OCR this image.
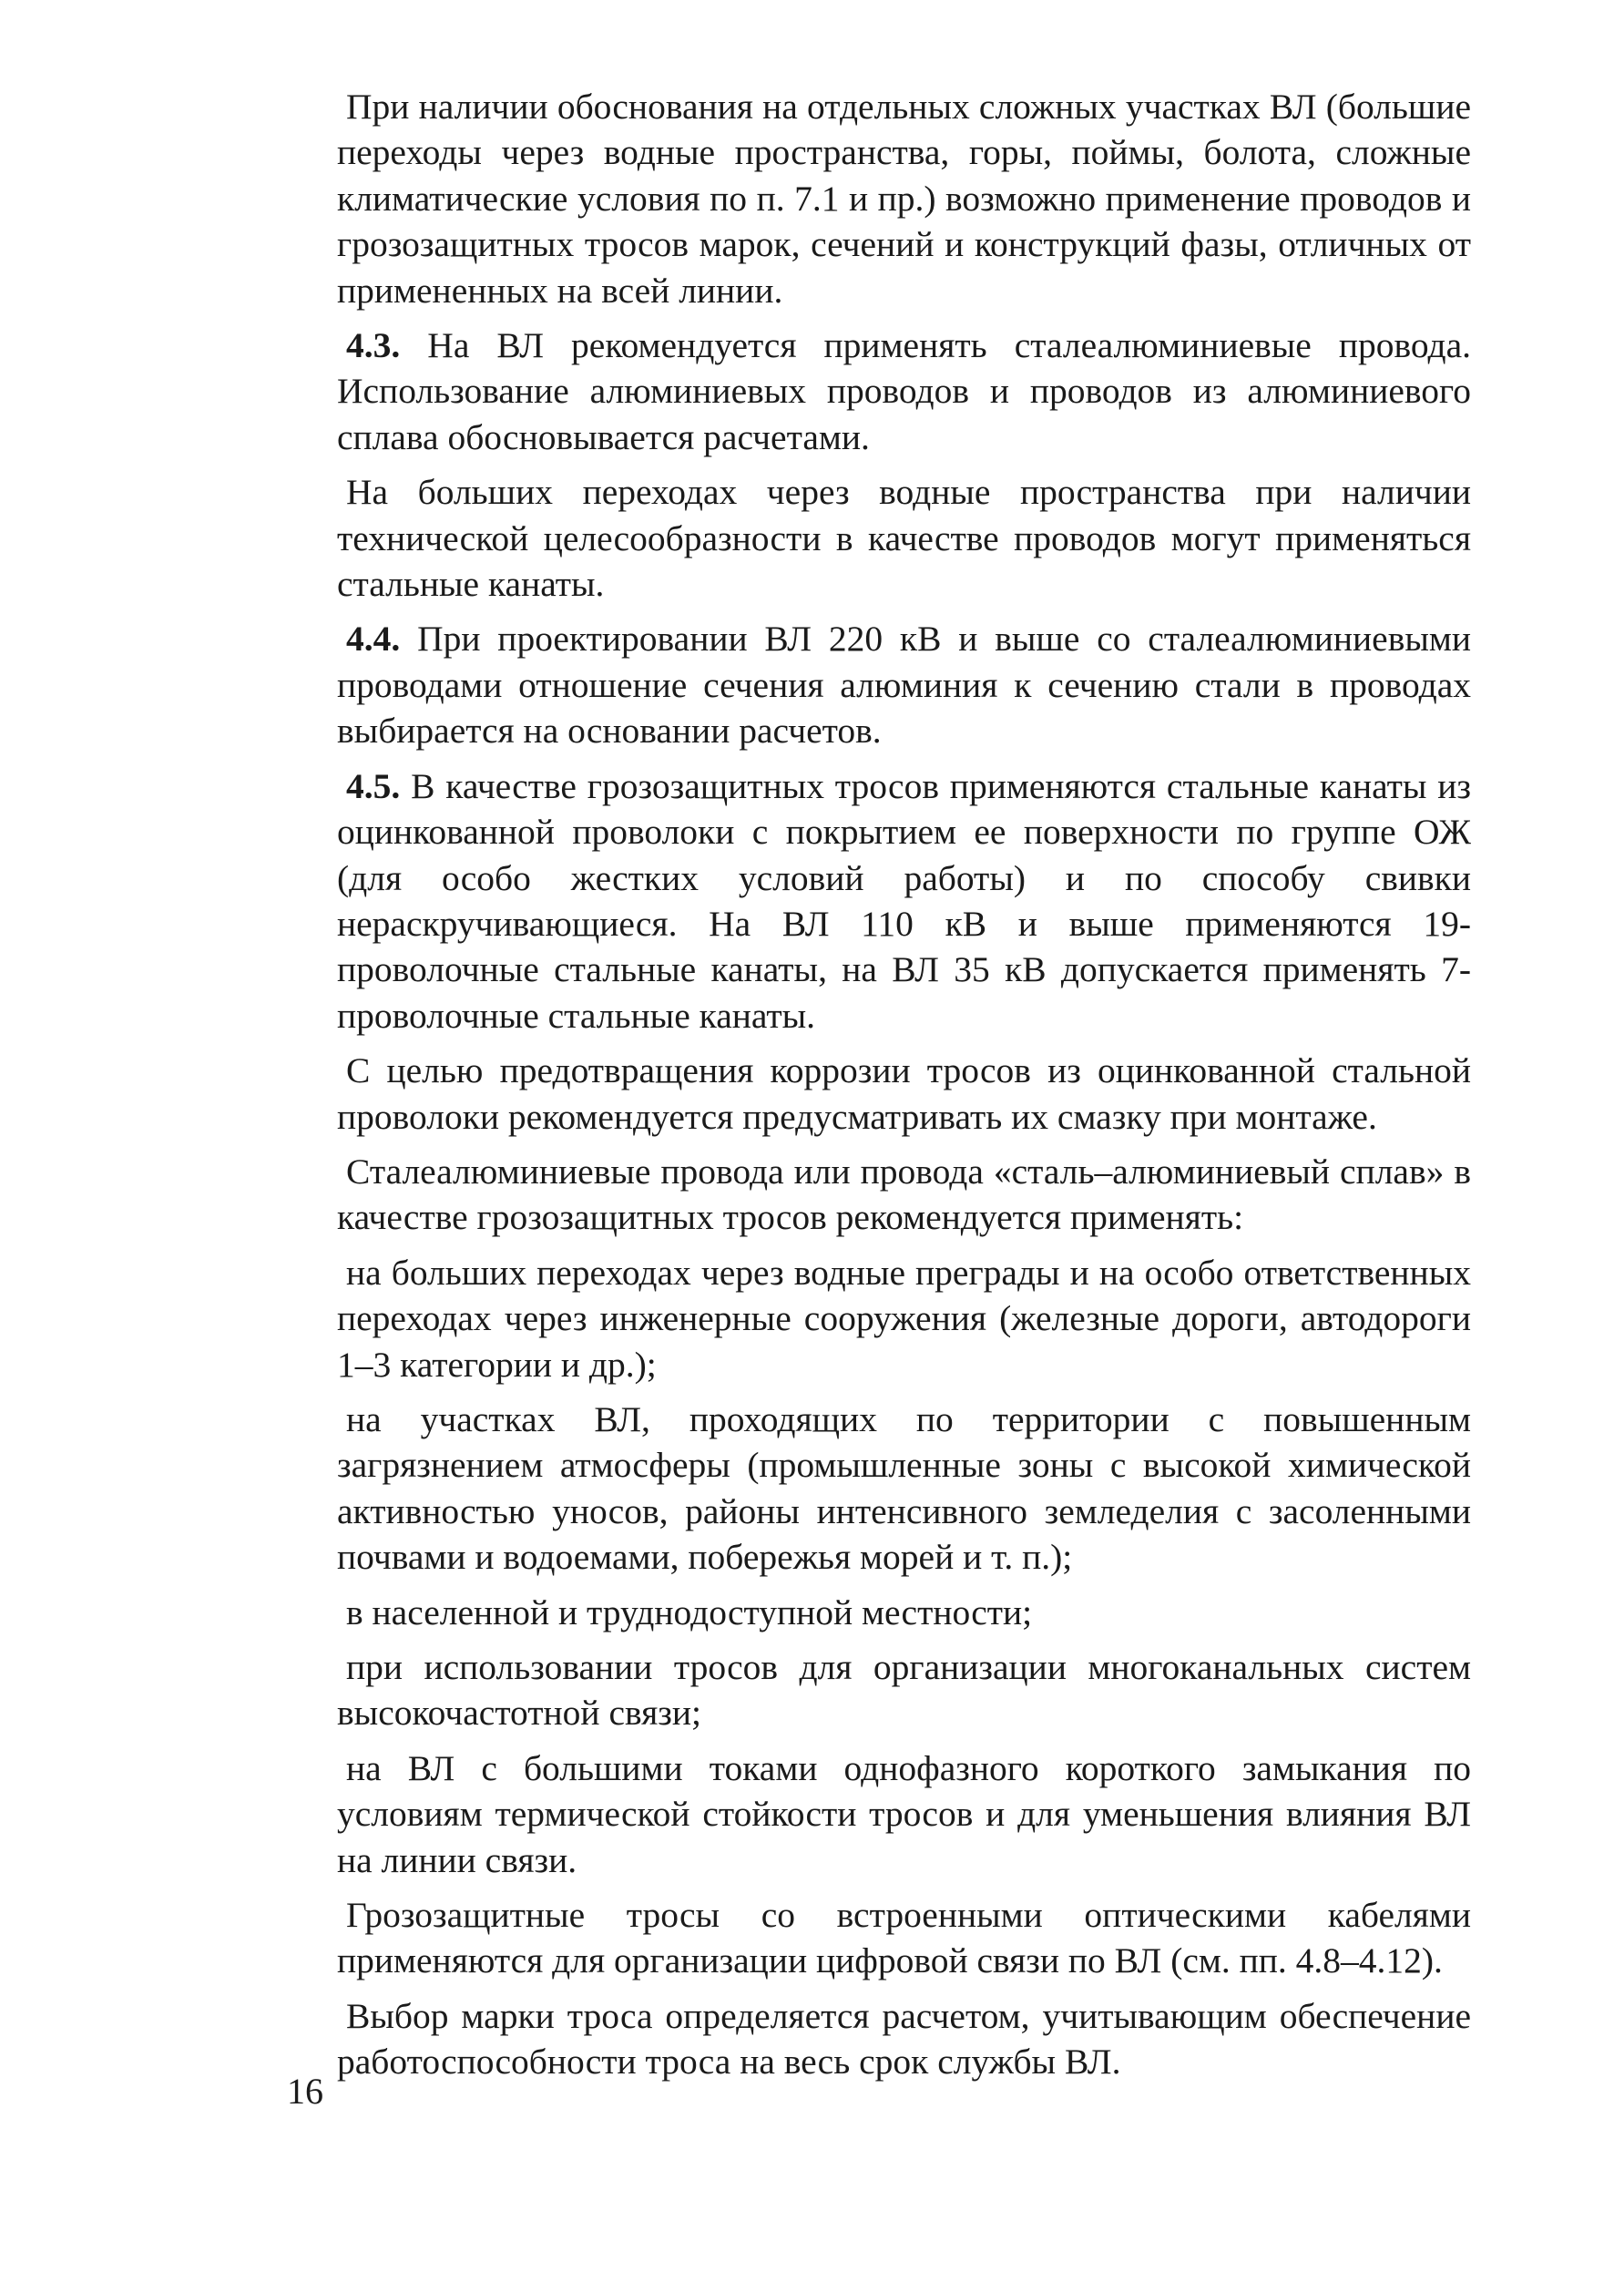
При наличии обоснования на отдельных сложных участках ВЛ (большие переходы через водные пространства, горы, поймы, болота, сложные климатические условия по п. 7.1 и пр.) возможно применение проводов и грозозащитных тросов марок, сечений и конструкций фазы, отличных от примененных на всей линии.

4.3. На ВЛ рекомендуется применять сталеалюминиевые провода. Использование алюминиевых проводов и проводов из алюминиевого сплава обосновывается расчетами.

На больших переходах через водные пространства при наличии технической целесообразности в качестве проводов могут применяться стальные канаты.

4.4. При проектировании ВЛ 220 кВ и выше со сталеалюминиевыми проводами отношение сечения алюминия к сечению стали в проводах выбирается на основании расчетов.

4.5. В качестве грозозащитных тросов применяются стальные канаты из оцинкованной проволоки с покрытием ее поверхности по группе ОЖ (для особо жестких условий работы) и по способу свивки нераскручивающиеся. На ВЛ 110 кВ и выше применяются 19-проволочные стальные канаты, на ВЛ 35 кВ допускается применять 7-проволочные стальные канаты.

С целью предотвращения коррозии тросов из оцинкованной стальной проволоки рекомендуется предусматривать их смазку при монтаже.

Сталеалюминиевые провода или провода «сталь–алюминиевый сплав» в качестве грозозащитных тросов рекомендуется применять:

на больших переходах через водные преграды и на особо ответственных переходах через инженерные сооружения (железные дороги, автодороги 1–3 категории и др.);

на участках ВЛ, проходящих по территории с повышенным загрязнением атмосферы (промышленные зоны с высокой химической активностью уносов, районы интенсивного земледелия с засоленными почвами и водоемами, побережья морей и т. п.);

в населенной и труднодоступной местности;

при использовании тросов для организации многоканальных систем высокочастотной связи;

на ВЛ с большими токами однофазного короткого замыкания по условиям термической стойкости тросов и для уменьшения влияния ВЛ на линии связи.

Грозозащитные тросы со встроенными оптическими кабелями применяются для организации цифровой связи по ВЛ (см. пп. 4.8–4.12).

Выбор марки троса определяется расчетом, учитывающим обеспечение работоспособности троса на весь срок службы ВЛ.

16
